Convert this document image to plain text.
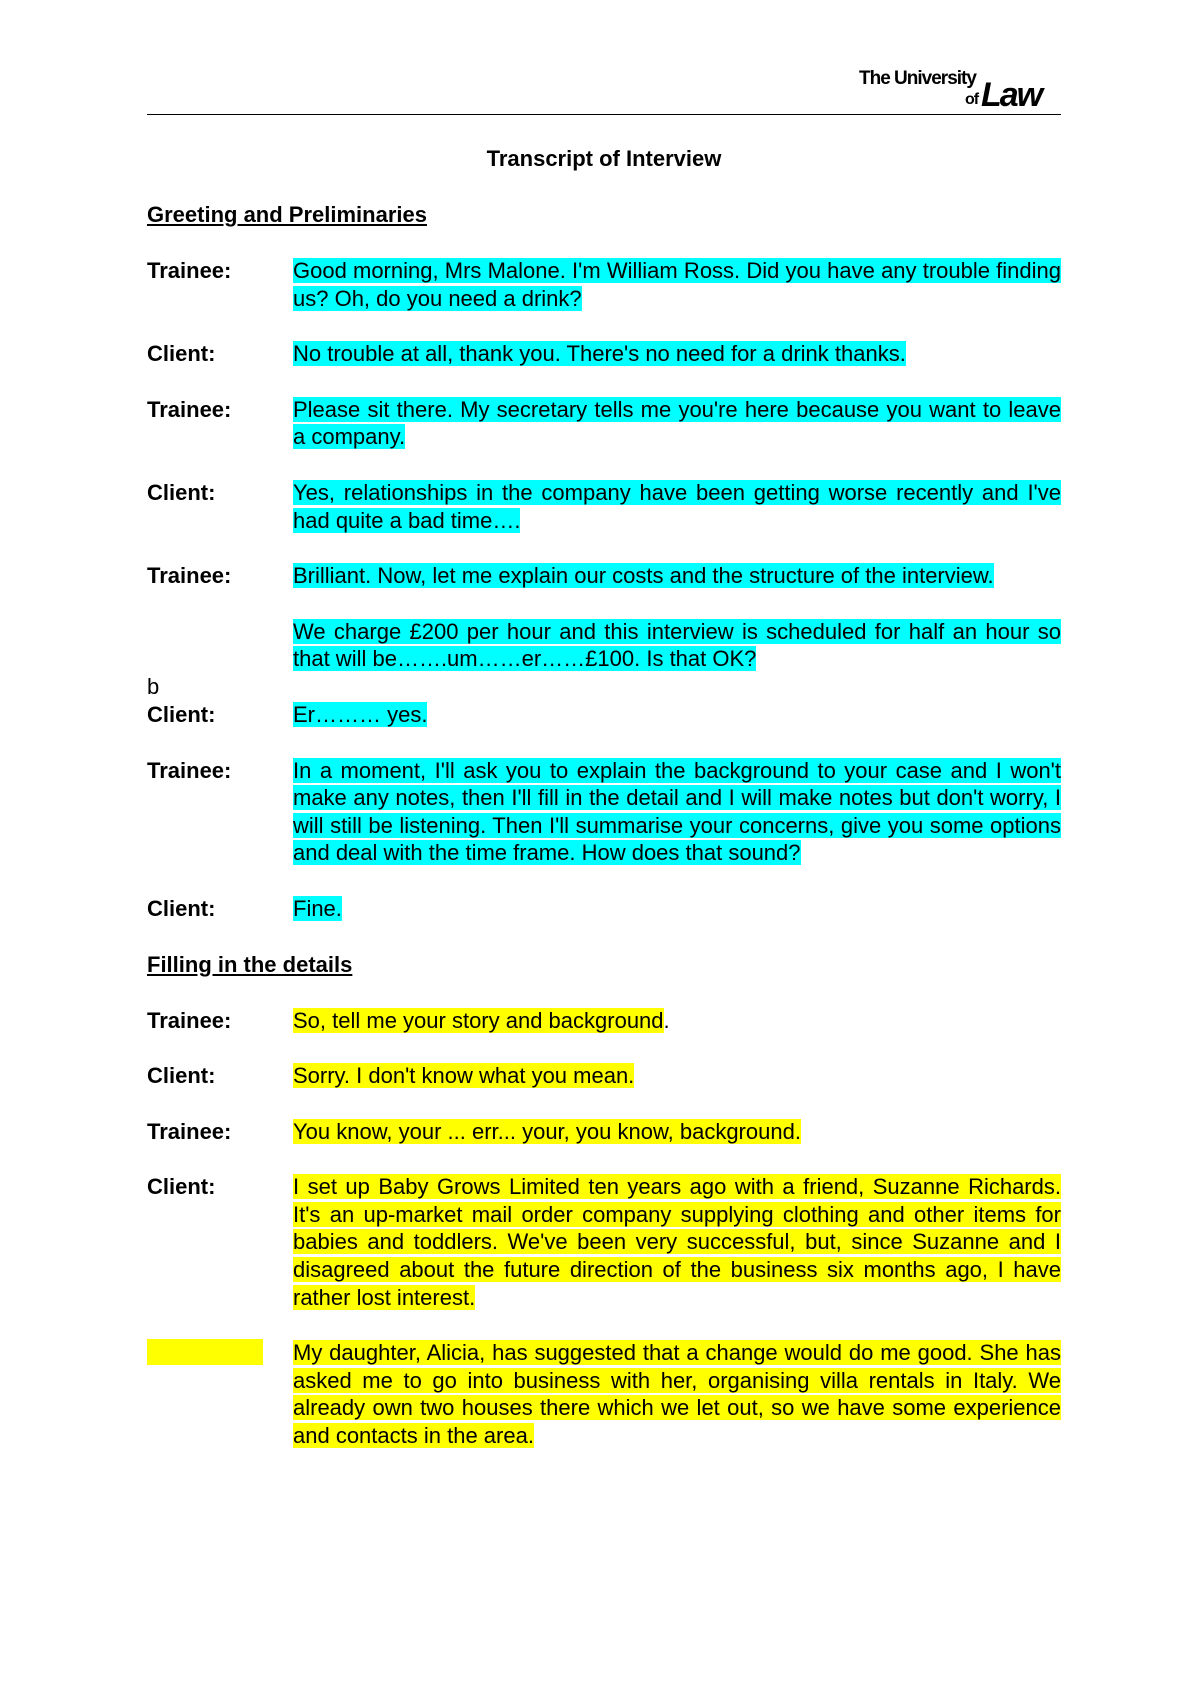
The University
of Law

Transcript of Interview

Greeting and Preliminaries

Trainee:	Good morning, Mrs Malone. I'm William Ross. Did you have any trouble finding us? Oh, do you need a drink?
Client:	No trouble at all, thank you. There's no need for a drink thanks.
Trainee:	Please sit there. My secretary tells me you're here because you want to leave a company.
Client:	Yes, relationships in the company have been getting worse recently and I've had quite a bad time….
Trainee:	Brilliant. Now, let me explain our costs and the structure of the interview.
We charge £200 per hour and this interview is scheduled for half an hour so that will be…….um……er……£100. Is that OK?
b
Client:	Er……… yes.
Trainee:	In a moment, I'll ask you to explain the background to your case and I won't make any notes, then I'll fill in the detail and I will make notes but don't worry, I will still be listening. Then I'll summarise your concerns, give you some options and deal with the time frame. How does that sound?
Client:	Fine.

Filling in the details

Trainee:	So, tell me your story and background.
Client:	Sorry. I don't know what you mean.
Trainee:	You know, your ... err... your, you know, background.
Client:	I set up Baby Grows Limited ten years ago with a friend, Suzanne Richards. It's an up-market mail order company supplying clothing and other items for babies and toddlers. We've been very successful, but, since Suzanne and I disagreed about the future direction of the business six months ago, I have rather lost interest.
My daughter, Alicia, has suggested that a change would do me good. She has asked me to go into business with her, organising villa rentals in Italy. We already own two houses there which we let out, so we have some experience and contacts in the area.
